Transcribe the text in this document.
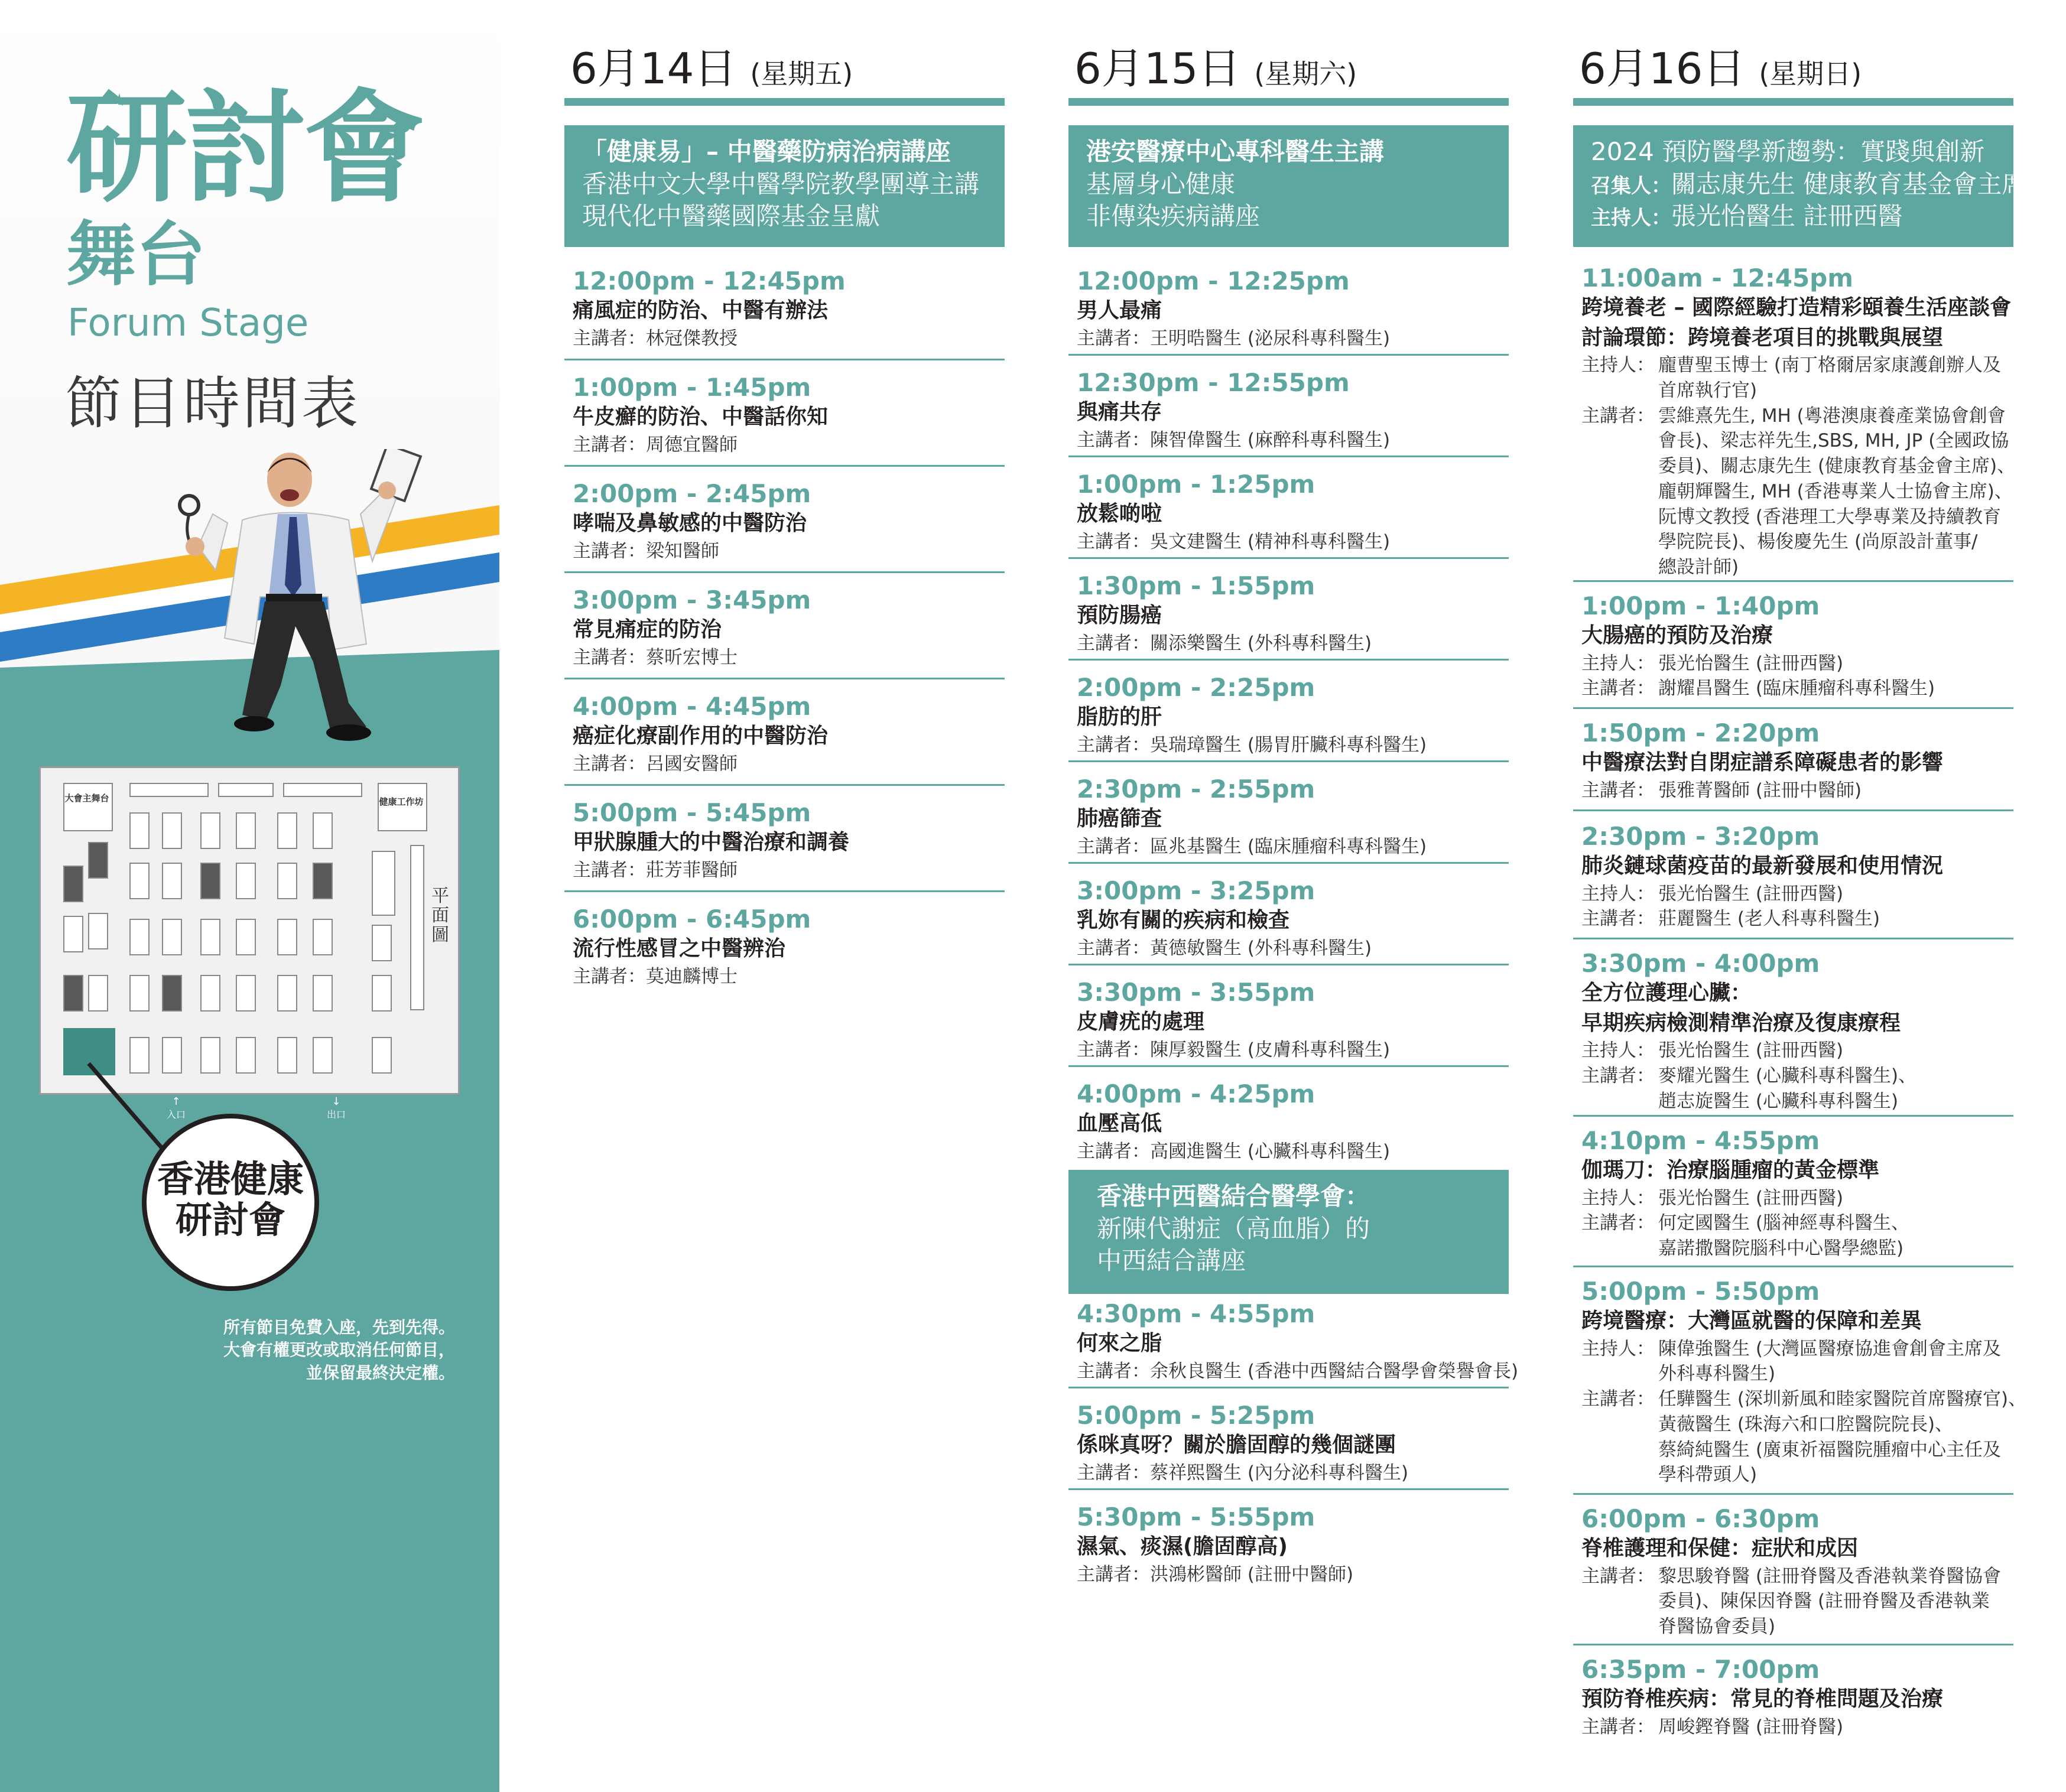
研討會
舞台
Forum Stage
節目時間表
大會主舞台	健康工作坊
平面圖
↑
入口
↓
出口
香港健康
研討會
所有節目免費入座，先到先得。
大會有權更改或取消任何節目，
並保留最終決定權。
6月14日 (星期五)
「健康易」– 中醫藥防病治病講座
香港中文大學中醫學院教學團導主講
現代化中醫藥國際基金呈獻
12:00pm - 12:45pm
痛風症的防治、中醫有辦法
主講者：林冠傑教授
1:00pm - 1:45pm
牛皮癬的防治、中醫話你知
主講者：周德宜醫師
2:00pm - 2:45pm
哮喘及鼻敏感的中醫防治
主講者：梁知醫師
3:00pm - 3:45pm
常見痛症的防治
主講者：蔡昕宏博士
4:00pm - 4:45pm
癌症化療副作用的中醫防治
主講者：呂國安醫師
5:00pm - 5:45pm
甲狀腺腫大的中醫治療和調養
主講者：莊芳菲醫師
6:00pm - 6:45pm
流行性感冒之中醫辨治
主講者：莫迪麟博士
6月15日 (星期六)
港安醫療中心專科醫生主講
基層身心健康
非傳染疾病講座
12:00pm - 12:25pm
男人最痛
主講者：王明晧醫生 (泌尿科專科醫生)
12:30pm - 12:55pm
與痛共存
主講者：陳智偉醫生 (麻醉科專科醫生)
1:00pm - 1:25pm
放鬆啲啦
主講者：吳文建醫生 (精神科專科醫生)
1:30pm - 1:55pm
預防腸癌
主講者：關添樂醫生 (外科專科醫生)
2:00pm - 2:25pm
脂肪的肝
主講者：吳瑞璋醫生 (腸胃肝臟科專科醫生)
2:30pm - 2:55pm
肺癌篩查
主講者：區兆基醫生 (臨床腫瘤科專科醫生)
3:00pm - 3:25pm
乳妳有關的疾病和檢查
主講者：黃德敏醫生 (外科專科醫生)
3:30pm - 3:55pm
皮膚疣的處理
主講者：陳厚毅醫生 (皮膚科專科醫生)
4:00pm - 4:25pm
血壓高低
主講者：高國進醫生 (心臟科專科醫生)
香港中西醫結合醫學會：
新陳代謝症（高血脂）的
中西結合講座
4:30pm - 4:55pm
何來之脂
主講者：余秋良醫生 (香港中西醫結合醫學會榮譽會長)
5:00pm - 5:25pm
係咪真呀？關於膽固醇的幾個謎團
主講者：蔡祥熙醫生 (內分泌科專科醫生)
5:30pm - 5:55pm
濕氣、痰濕(膽固醇高)
主講者：洪鴻彬醫師 (註冊中醫師)
6月16日 (星期日)
2024 預防醫學新趨勢：實踐與創新
召集人：關志康先生 健康教育基金會主席
主持人：張光怡醫生 註冊西醫
11:00am - 12:45pm
跨境養老 – 國際經驗打造精彩頤養生活座談會
討論環節：跨境養老項目的挑戰與展望
主持人： 龐曹聖玉博士 (南丁格爾居家康護創辦人及
首席執行官)
主講者： 雲維熹先生, MH (粵港澳康養產業協會創會
會長)、梁志祥先生,SBS, MH, JP (全國政協
委員)、關志康先生 (健康教育基金會主席)、
龐朝輝醫生, MH (香港專業人士協會主席)、
阮博文教授 (香港理工大學專業及持續教育
學院院長)、楊俊慶先生 (尚原設計董事/
總設計師)
1:00pm - 1:40pm
大腸癌的預防及治療
主持人： 張光怡醫生 (註冊西醫)
主講者： 謝耀昌醫生 (臨床腫瘤科專科醫生)
1:50pm - 2:20pm
中醫療法對自閉症譜系障礙患者的影響
主講者： 張雅菁醫師 (註冊中醫師)
2:30pm - 3:20pm
肺炎鏈球菌疫苗的最新發展和使用情況
主持人： 張光怡醫生 (註冊西醫)
主講者： 莊麗醫生 (老人科專科醫生)
3:30pm - 4:00pm
全方位護理心臟：
早期疾病檢測精準治療及復康療程
主持人： 張光怡醫生 (註冊西醫)
主講者： 麥耀光醫生 (心臟科專科醫生)、
趙志旋醫生 (心臟科專科醫生)
4:10pm - 4:55pm
伽瑪刀：治療腦腫瘤的黃金標準
主持人： 張光怡醫生 (註冊西醫)
主講者： 何定國醫生 (腦神經專科醫生、
嘉諾撒醫院腦科中心醫學總監)
5:00pm - 5:50pm
跨境醫療：大灣區就醫的保障和差異
主持人： 陳偉強醫生 (大灣區醫療協進會創會主席及
外科專科醫生)
主講者： 任驊醫生 (深圳新風和睦家醫院首席醫療官)、
黃薇醫生 (珠海六和口腔醫院院長)、
蔡綺純醫生 (廣東祈福醫院腫瘤中心主任及
學科帶頭人)
6:00pm - 6:30pm
脊椎護理和保健：症狀和成因
主講者： 黎思駿脊醫 (註冊脊醫及香港執業脊醫協會
委員)、陳保因脊醫 (註冊脊醫及香港執業
脊醫協會委員)
6:35pm - 7:00pm
預防脊椎疾病：常見的脊椎問題及治療
主講者： 周峻鏗脊醫 (註冊脊醫)
